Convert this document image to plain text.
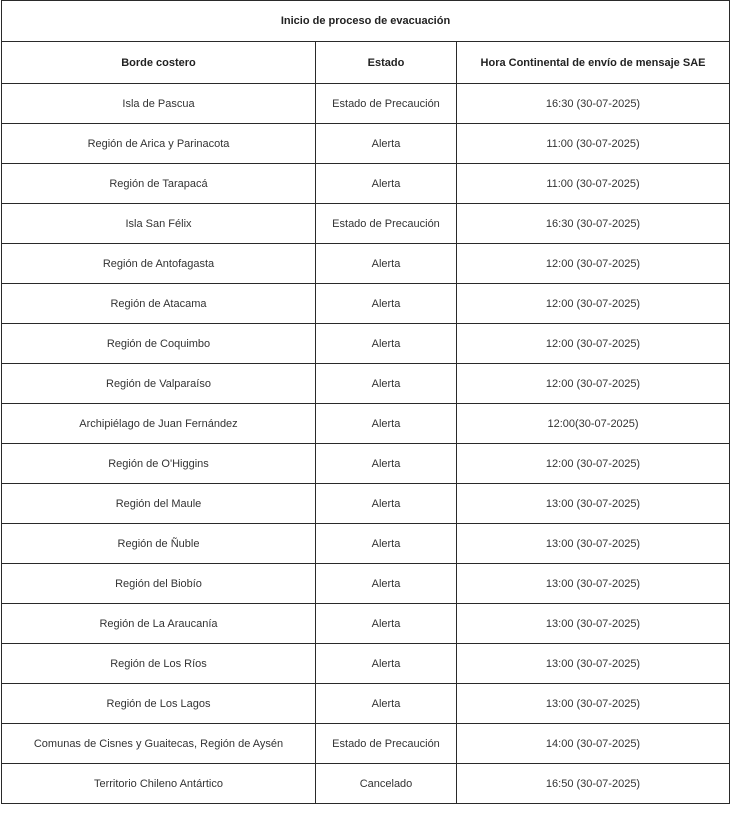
Inicio de proceso de evacuación		
Borde costero	Estado	Hora Continental de envío de mensaje SAE
Isla de Pascua	Estado de Precaución	16:30 (30-07-2025)
Región de Arica y Parinacota	Alerta	11:00 (30-07-2025)
Región de Tarapacá	Alerta	11:00 (30-07-2025)
Isla San Félix	Estado de Precaución	16:30 (30-07-2025)
Región de Antofagasta	Alerta	12:00 (30-07-2025)
Región de Atacama	Alerta	12:00 (30-07-2025)
Región de Coquimbo	Alerta	12:00 (30-07-2025)
Región de Valparaíso	Alerta	12:00 (30-07-2025)
Archipiélago de Juan Fernández	Alerta	12:00(30-07-2025)
Región de O'Higgins	Alerta	12:00 (30-07-2025)
Región del Maule	Alerta	13:00 (30-07-2025)
Región de Ñuble	Alerta	13:00 (30-07-2025)
Región del Biobío	Alerta	13:00 (30-07-2025)
Región de La Araucanía	Alerta	13:00 (30-07-2025)
Región de Los Ríos	Alerta	13:00 (30-07-2025)
Región de Los Lagos	Alerta	13:00 (30-07-2025)
Comunas de Cisnes y Guaitecas, Región de Aysén	Estado de Precaución	14:00 (30-07-2025)
Territorio Chileno Antártico	Cancelado	16:50 (30-07-2025)
